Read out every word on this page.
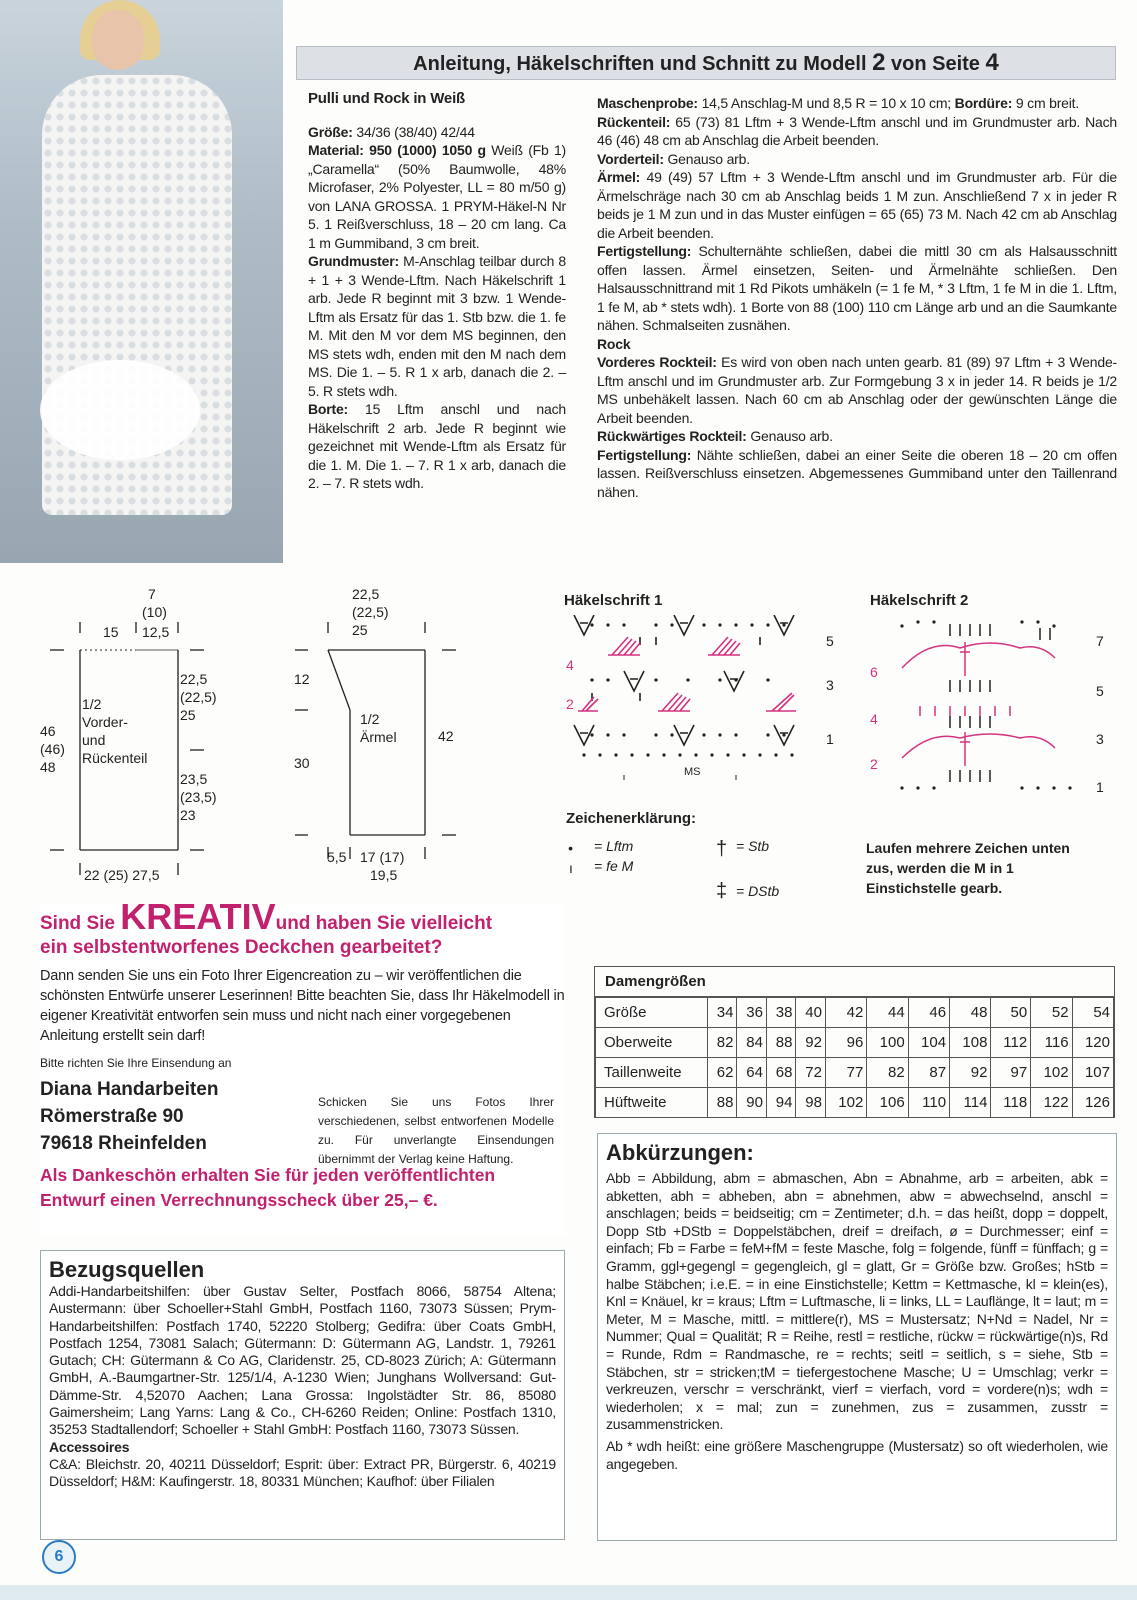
Anleitung, Häkelschriften und Schnitt zu Modell 2 von Seite 4

Pulli und Rock in Weiß

Größe: 34/36 (38/40) 42/44

Material: 950 (1000) 1050 g Weiß (Fb 1) „Caramella“ (50% Baumwolle, 48% Microfaser, 2% Polyester, LL = 80 m/50 g) von LANA GROSSA. 1 PRYM-Häkel-N Nr 5. 1 Reißverschluss, 18 – 20 cm lang. Ca 1 m Gummiband, 3 cm breit.

Grundmuster: M-Anschlag teilbar durch 8 + 1 + 3 Wende-Lftm. Nach Häkelschrift 1 arb. Jede R beginnt mit 3 bzw. 1 Wende-Lftm als Ersatz für das 1. Stb bzw. die 1. fe M. Mit den M vor dem MS beginnen, den MS stets wdh, enden mit den M nach dem MS. Die 1. – 5. R 1 x arb, danach die 2. – 5. R stets wdh.

Borte: 15 Lftm anschl und nach Häkelschrift 2 arb. Jede R beginnt wie gezeichnet mit Wende-Lftm als Ersatz für die 1. M. Die 1. – 7. R 1 x arb, danach die 2. – 7. R stets wdh.

Maschenprobe: 14,5 Anschlag-M und 8,5 R = 10 x 10 cm; Bordüre: 9 cm breit.

Rückenteil: 65 (73) 81 Lftm + 3 Wende-Lftm anschl und im Grundmuster arb. Nach 46 (46) 48 cm ab Anschlag die Arbeit beenden.

Vorderteil: Genauso arb.

Ärmel: 49 (49) 57 Lftm + 3 Wende-Lftm anschl und im Grundmuster arb. Für die Ärmelschräge nach 30 cm ab Anschlag beids 1 M zun. Anschließend 7 x in jeder R beids je 1 M zun und in das Muster einfügen = 65 (65) 73 M. Nach 42 cm ab Anschlag die Arbeit beenden.

Fertigstellung: Schulternähte schließen, dabei die mittl 30 cm als Halsausschnitt offen lassen. Ärmel einsetzen, Seiten- und Ärmelnähte schließen. Den Halsausschnittrand mit 1 Rd Pikots umhäkeln (= 1 fe M, * 3 Lftm, 1 fe M in die 1. Lftm, 1 fe M, ab * stets wdh). 1 Borte von 88 (100) 110 cm Länge arb und an die Saumkante nähen. Schmalseiten zusnähen.

Rock

Vorderes Rockteil: Es wird von oben nach unten gearb. 81 (89) 97 Lftm + 3 Wende-Lftm anschl und im Grundmuster arb. Zur Formgebung 3 x in jeder 14. R beids je 1/2 MS unbehäkelt lassen. Nach 60 cm ab Anschlag oder der gewünschten Länge die Arbeit beenden.

Rückwärtiges Rockteil: Genauso arb.

Fertigstellung: Nähte schließen, dabei an einer Seite die oberen 18 – 20 cm offen lassen. Reißverschluss einsetzen. Abgemessenes Gummiband unter den Taillenrand nähen.

7
(10)
15	12,5
1/2
Vorder-
und
Rückenteil
46
(46)
48
22,5
(22,5)
25
23,5
(23,5)
23
22 (25) 27,5
22,5
(22,5)
25
1/2
Ärmel
12
30
42
5,5 17 (17)
19,5
Häkelschrift 1
5
4
3
2
1
MS
Häkelschrift 2
7
6
5
4
3
2
1
Zeichenerklärung:
• = Lftm
ı = fe M
† = Stb
‡ = DStb
Laufen mehrere Zeichen unten zus, werden die M in 1 Einstichstelle gearb.
Sind Sie KREATIVund haben Sie vielleicht
ein selbstentworfenes Deckchen gearbeitet?
Dann senden Sie uns ein Foto Ihrer Eigencreation zu – wir veröffentlichen die schönsten Entwürfe unserer Leserinnen! Bitte beachten Sie, dass Ihr Häkelmodell in eigener Kreativität entworfen sein muss und nicht nach einer vorgegebenen Anleitung erstellt sein darf!
Bitte richten Sie Ihre Einsendung an
Diana Handarbeiten
Römerstraße 90
79618 Rheinfelden
Schicken Sie uns Fotos Ihrer verschiedenen, selbst entworfenen Modelle zu. Für unverlangte Einsendungen übernimmt der Verlag keine Haftung.
Als Dankeschön erhalten Sie für jeden veröffentlichten Entwurf einen Verrechnungsscheck über 25,– €.
Damengrößen
Größe	34	36	38	40	42	44	46	48	50	52	54
Oberweite	82	84	88	92	96	100	104	108	112	116	120
Taillenweite	62	64	68	72	77	82	87	92	97	102	107
Hüftweite	88	90	94	98	102	106	110	114	118	122	126
Abkürzungen:
Abb = Abbildung, abm = abmaschen, Abn = Abnahme, arb = arbeiten, abk = abketten, abh = abheben, abn = abnehmen, abw = abwechselnd, anschl = anschlagen; beids = beidseitig; cm = Zentimeter; d.h. = das heißt, dopp = doppelt, Dopp Stb +DStb = Doppelstäbchen, dreif = dreifach, ø = Durchmesser; einf = einfach; Fb = Farbe = feM+fM = feste Masche, folg = folgende, fünff = fünffach; g = Gramm, ggl+gegengl = gegengleich, gl = glatt, Gr = Größe bzw. Großes; hStb = halbe Stäbchen; i.e.E. = in eine Einstichstelle; Kettm = Kettmasche, kl = klein(es), Knl = Knäuel, kr = kraus; Lftm = Luftmasche, li = links, LL = Lauflänge, lt = laut; m = Meter, M = Masche, mittl. = mittlere(r), MS = Mustersatz; N+Nd = Nadel, Nr = Nummer; Qual = Qualität; R = Reihe, restl = restliche, rückw = rückwärtige(n)s, Rd = Runde, Rdm = Randmasche, re = rechts; seitl = seitlich, s = siehe, Stb = Stäbchen, str = stricken;tM = tiefergestochene Masche; U = Umschlag; verkr = verkreuzen, verschr = verschränkt, vierf = vierfach, vord = vordere(n)s; wdh = wiederholen; x = mal; zun = zunehmen, zus = zusammen, zusstr = zusammenstricken.
Ab * wdh heißt: eine größere Maschengruppe (Mustersatz) so oft wiederholen, wie angegeben.
Bezugsquellen
Addi-Handarbeitshilfen: über Gustav Selter, Postfach 8066, 58754 Altena; Austermann: über Schoeller+Stahl GmbH, Postfach 1160, 73073 Süssen; Prym-Handarbeitshilfen: Postfach 1740, 52220 Stolberg; Gedifra: über Coats GmbH, Postfach 1254, 73081 Salach; Gütermann: D: Gütermann AG, Landstr. 1, 79261 Gutach; CH: Gütermann & Co AG, Claridenstr. 25, CD-8023 Zürich; A: Gütermann GmbH, A.-Baumgartner-Str. 125/1/4, A-1230 Wien; Junghans Wollversand: Gut-Dämme-Str. 4,52070 Aachen; Lana Grossa: Ingolstädter Str. 86, 85080 Gaimersheim; Lang Yarns: Lang & Co., CH-6260 Reiden; Online: Postfach 1310, 35253 Stadtallendorf; Schoeller + Stahl GmbH: Postfach 1160, 73073 Süssen.
Accessoires
C&A: Bleichstr. 20, 40211 Düsseldorf; Esprit: über: Extract PR, Bürgerstr. 6, 40219 Düsseldorf; H&M: Kaufingerstr. 18, 80331 München; Kaufhof: über Filialen
6
